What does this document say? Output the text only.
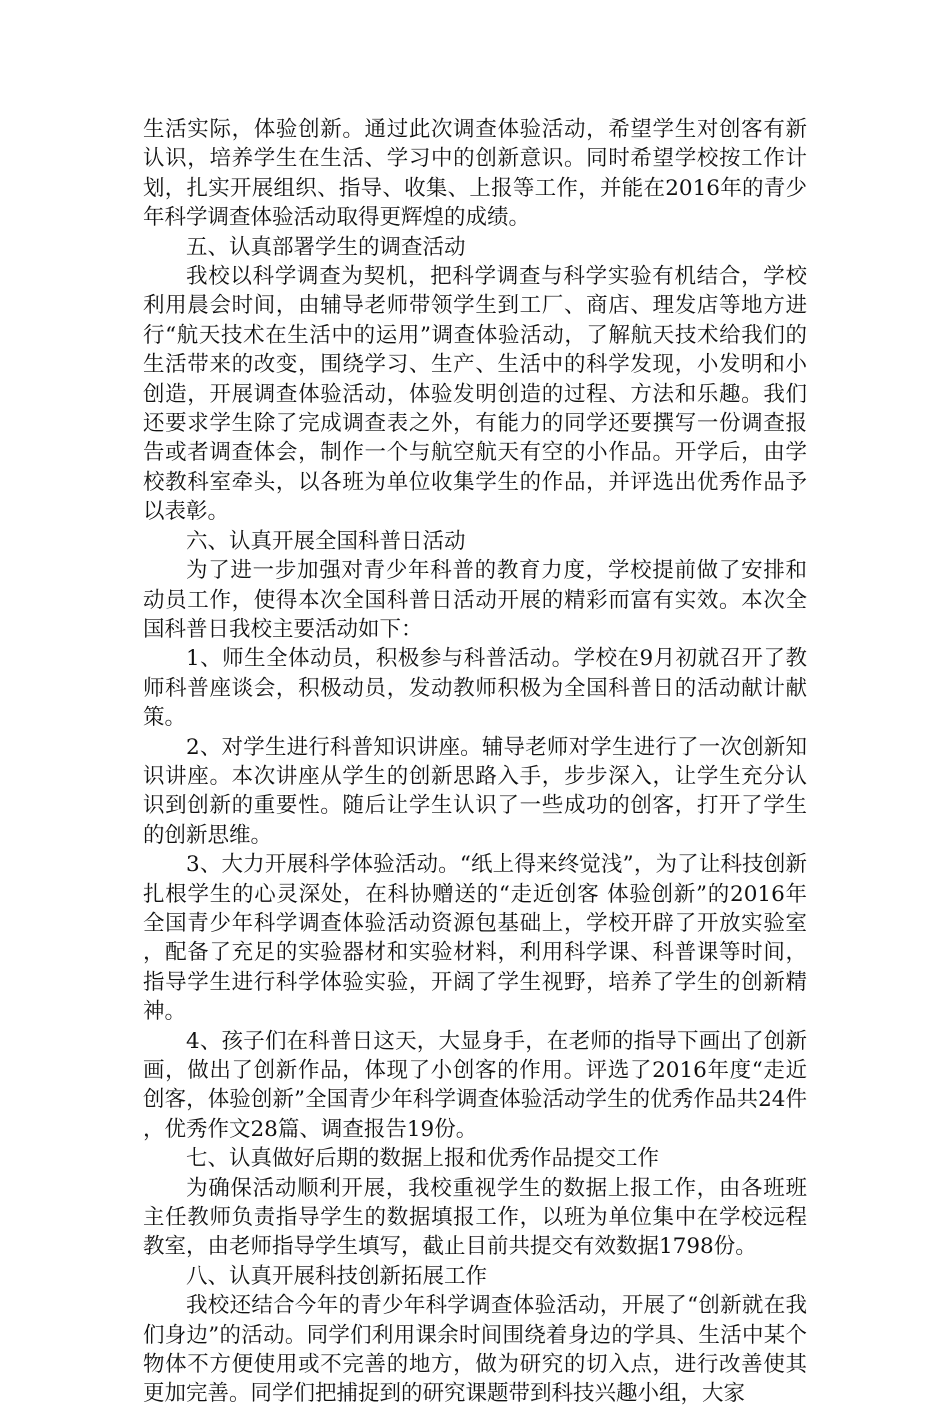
生活实际，体验创新。通过此次调查体验活动，希望学生对创客有新认识，培养学生在生活、学习中的创新意识。同时希望学校按工作计划，扎实开展组织、指导、收集、上报等工作，并能在2016年的青少年科学调查体验活动取得更辉煌的成绩。

五、认真部署学生的调查活动

我校以科学调查为契机，把科学调查与科学实验有机结合，学校利用晨会时间，由辅导老师带领学生到工厂、商店、理发店等地方进行“航天技术在生活中的运用”调查体验活动，了解航天技术给我们的生活带来的改变，围绕学习、生产、生活中的科学发现，小发明和小创造，开展调查体验活动，体验发明创造的过程、方法和乐趣。我们还要求学生除了完成调查表之外，有能力的同学还要撰写一份调查报告或者调查体会，制作一个与航空航天有空的小作品。开学后，由学校教科室牵头，以各班为单位收集学生的作品，并评选出优秀作品予以表彰。

六、认真开展全国科普日活动

为了进一步加强对青少年科普的教育力度，学校提前做了安排和动员工作，使得本次全国科普日活动开展的精彩而富有实效。本次全国科普日我校主要活动如下：

1、师生全体动员，积极参与科普活动。学校在9月初就召开了教师科普座谈会，积极动员，发动教师积极为全国科普日的活动献计献策。

2、对学生进行科普知识讲座。辅导老师对学生进行了一次创新知识讲座。本次讲座从学生的创新思路入手，步步深入，让学生充分认识到创新的重要性。随后让学生认识了一些成功的创客，打开了学生的创新思维。

3、大力开展科学体验活动。“纸上得来终觉浅”，为了让科技创新扎根学生的心灵深处，在科协赠送的“走近创客 体验创新”的2016年全国青少年科学调查体验活动资源包基础上，学校开辟了开放实验室，配备了充足的实验器材和实验材料，利用科学课、科普课等时间，指导学生进行科学体验实验，开阔了学生视野，培养了学生的创新精神。

4、孩子们在科普日这天，大显身手，在老师的指导下画出了创新画，做出了创新作品，体现了小创客的作用。评选了2016年度“走近创客，体验创新”全国青少年科学调查体验活动学生的优秀作品共24件，优秀作文28篇、调查报告19份。

七、认真做好后期的数据上报和优秀作品提交工作

为确保活动顺利开展，我校重视学生的数据上报工作，由各班班主任教师负责指导学生的数据填报工作，以班为单位集中在学校远程教室，由老师指导学生填写，截止目前共提交有效数据1798份。

八、认真开展科技创新拓展工作

我校还结合今年的青少年科学调查体验活动，开展了“创新就在我们身边”的活动。同学们利用课余时间围绕着身边的学具、生活中某个物体不方便使用或不完善的地方，做为研究的切入点，进行改善使其更加完善。同学们把捕捉到的研究课题带到科技兴趣小组，大家
